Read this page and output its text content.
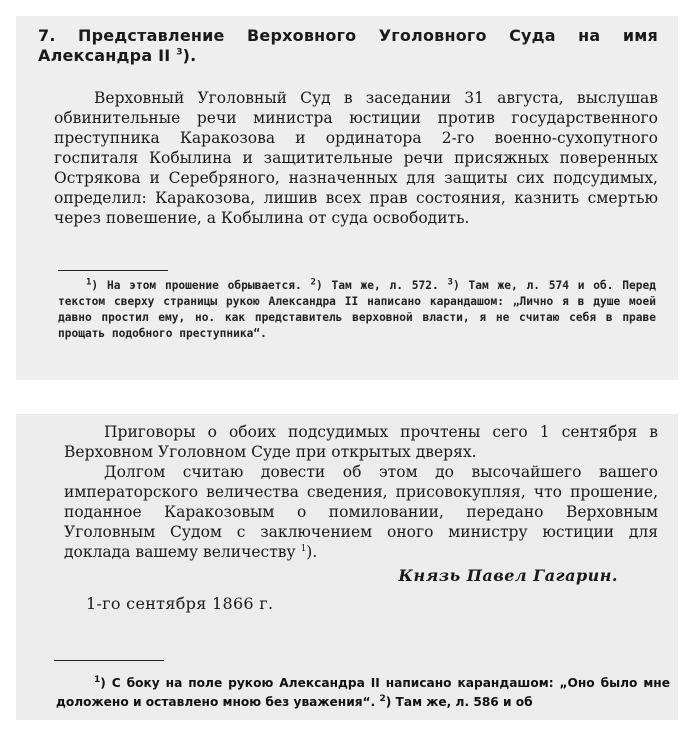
7. Представление Верховного Уголовного Суда на имя Александра II $^3$).

Верховный Уголовный Суд в заседании 31 августа, выслушав обвинительные речи министра юстиции против государственного преступника Каракозова и ординатора 2-го военно-сухопутного госпиталя Кобылина и защитительные речи присяжных поверенных Острякова и Серебряного, назначенных для защиты сих подсудимых, определил: Каракозова, лишив всех прав состояния, казнить смертью через повешение, а Кобылина от суда освободить.

$^1$) На этом прошение обрывается. $^2$) Там же, л. 572. $^3$) Там же, л. 574 и об. Перед текстом сверху страницы рукою Александра II написано карандашом: „Лично я в душе моей давно простил ему, но. как представитель верховной власти, я не считаю себя в праве прощать подобного преступника“.

Приговоры о обоих подсудимых прочтены сего 1 сентября в Верховном Уголовном Суде при открытых дверях.

Долгом считаю довести об этом до высочайшего вашего императорского величества сведения, присовокупляя, что прошение, поданное Каракозовым о помиловании, передано Верховным Уголовным Судом с заключением оного министру юстиции для доклада вашему величеству $^1$).

Князь Павел Гагарин.
1-го сентября 1866 г.

$^1$) С боку на поле рукою Александра II написано карандашом: „Оно было мне доложено и оставлено мною без уважения“. $^2$) Там же, л. 586 и об
